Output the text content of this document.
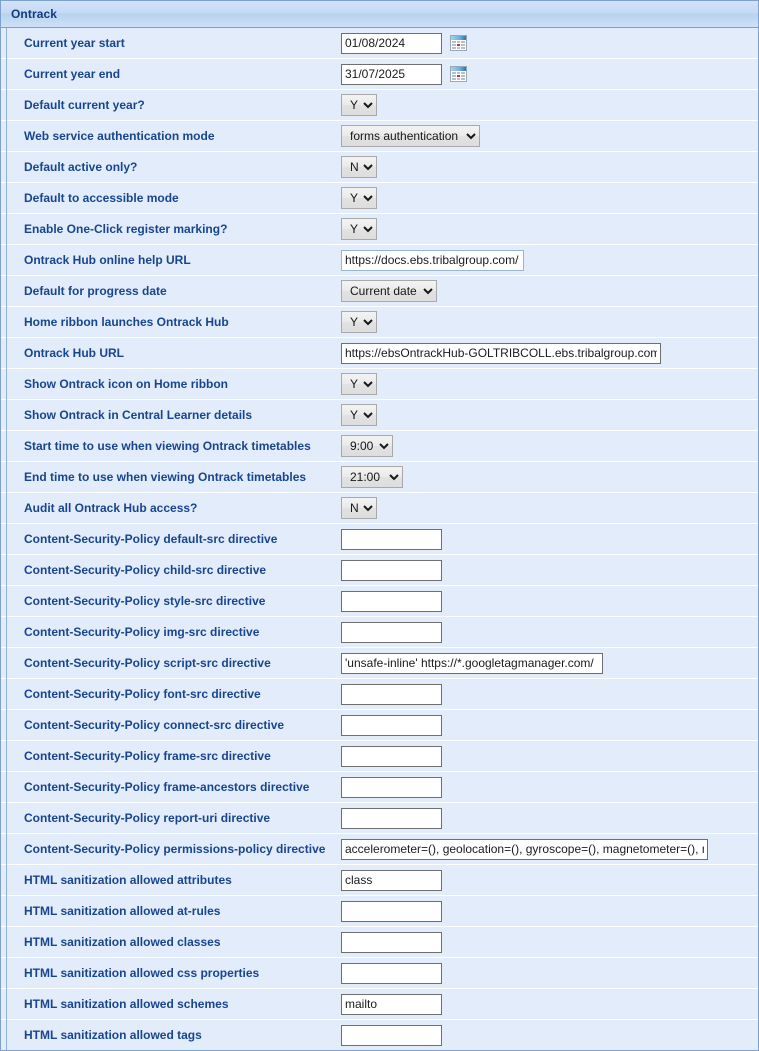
Ontrack
Current year start
01/08/2024
Current year end
31/07/2025
Default current year?
Y
Web service authentication mode
forms authentication
Default active only?
N
Default to accessible mode
Y
Enable One-Click register marking?
Y
Ontrack Hub online help URL
https://docs.ebs.tribalgroup.com/
Default for progress date
Current date
Home ribbon launches Ontrack Hub
Y
Ontrack Hub URL
https://ebsOntrackHub-GOLTRIBCOLL.ebs.tribalgroup.com/
Show Ontrack icon on Home ribbon
Y
Show Ontrack in Central Learner details
Y
Start time to use when viewing Ontrack timetables
9:00
End time to use when viewing Ontrack timetables
21:00
Audit all Ontrack Hub access?
N
Content-Security-Policy default-src directive
Content-Security-Policy child-src directive
Content-Security-Policy style-src directive
Content-Security-Policy img-src directive
Content-Security-Policy script-src directive
'unsafe-inline' https://*.googletagmanager.com/
Content-Security-Policy font-src directive
Content-Security-Policy connect-src directive
Content-Security-Policy frame-src directive
Content-Security-Policy frame-ancestors directive
Content-Security-Policy report-uri directive
Content-Security-Policy permissions-policy directive
accelerometer=(), geolocation=(), gyroscope=(), magnetometer=(), m
HTML sanitization allowed attributes
class
HTML sanitization allowed at-rules
HTML sanitization allowed classes
HTML sanitization allowed css properties
HTML sanitization allowed schemes
mailto
HTML sanitization allowed tags
